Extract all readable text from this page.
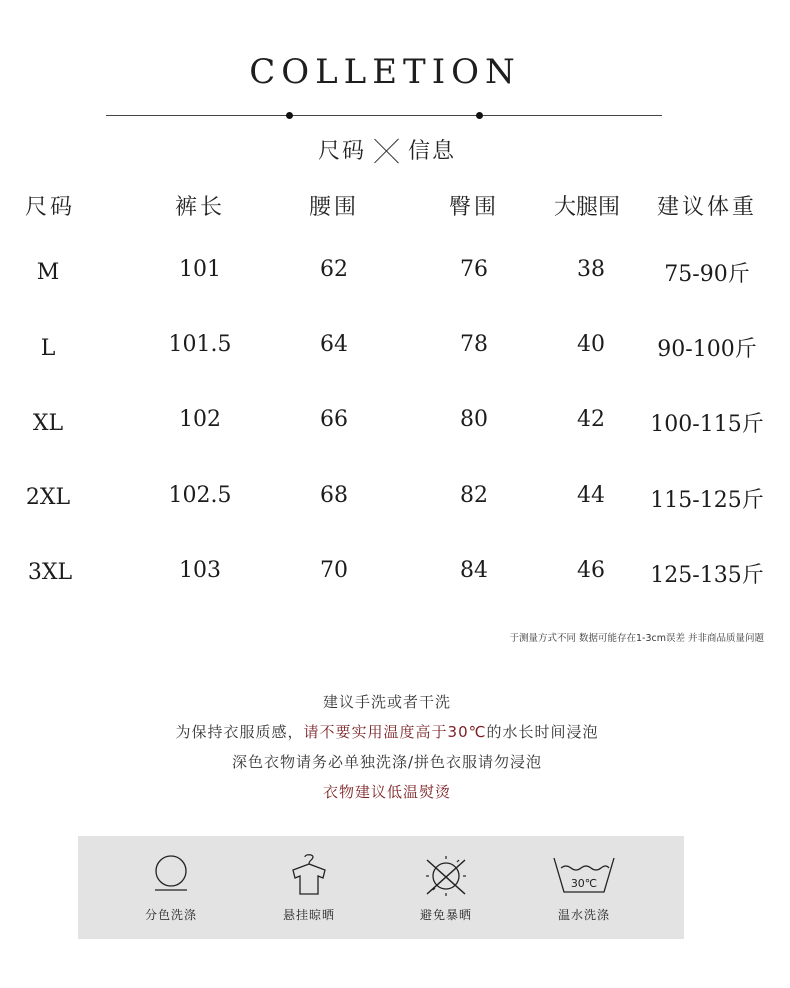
COLLETION
尺码 信息
尺码	裤长	腰围	臀围 大腿围 建议体重
M	101	62	76	38	75-90斤
L	101.5	64	78	40 90-100斤
XL	102	66	80	42 100-115斤
2XL	102.5	68	82	44 115-125斤
3XL	103	70	84	46 125-135斤
于测量方式不同 数据可能存在1-3cm误差 并非商品质量问题
建议手洗或者干洗
为保持衣服质感，请不要实用温度高于30℃的水长时间浸泡
深色衣物请务必单独洗涤/拼色衣服请勿浸泡
衣物建议低温熨烫
分色洗涤	悬挂晾晒	避免暴晒
30℃
温水洗涤
